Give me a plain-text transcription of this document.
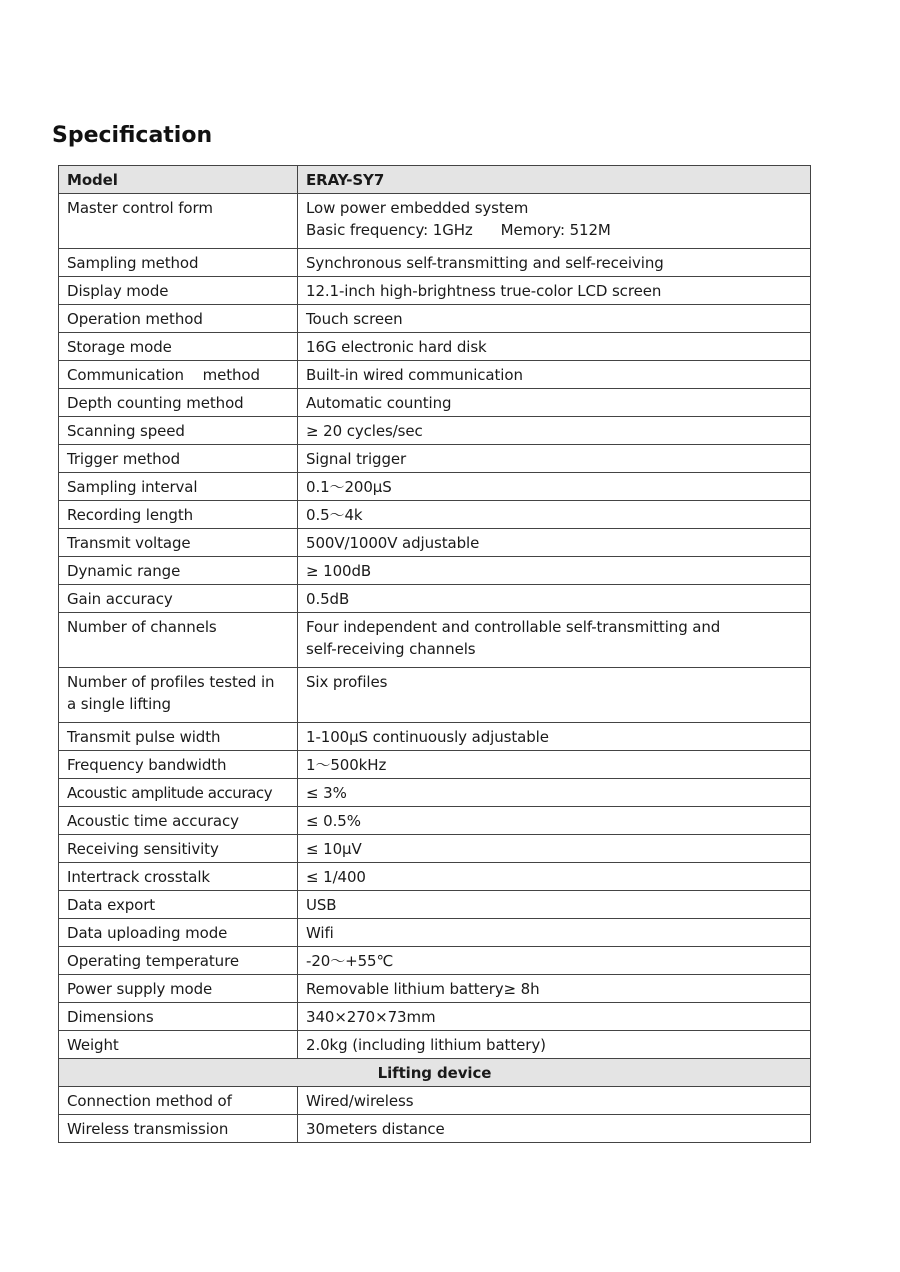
Specification
Model	ERAY-SY7
Master control form	Low power embedded system
Basic frequency: 1GHz Memory: 512M

Sampling method	Synchronous self-transmitting and self-receiving
Display mode	12.1-inch high-brightness true-color LCD screen
Operation method	Touch screen
Storage mode	16G electronic hard disk
Communication    method	Built-in wired communication
Depth counting method	Automatic counting
Scanning speed	≥ 20 cycles/sec
Trigger method	Signal trigger
Sampling interval	0.1～200μS
Recording length	0.5～4k
Transmit voltage	500V/1000V adjustable
Dynamic range	≥ 100dB
Gain accuracy	0.5dB
Number of channels	Four independent and controllable self-transmitting and
self-receiving channels

Number of profiles tested in
a single lifting	Six profiles
Transmit pulse width	1-100μS continuously adjustable
Frequency bandwidth	1～500kHz
Acoustic amplitude accuracy	≤ 3%
Acoustic time accuracy	≤ 0.5%
Receiving sensitivity	≤ 10μV
Intertrack crosstalk	≤ 1/400
Data export	USB
Data uploading mode	Wifi
Operating temperature	-20～+55℃
Power supply mode	Removable lithium battery≥ 8h
Dimensions	340×270×73mm
Weight	2.0kg (including lithium battery)
Lifting device	
Connection method of	Wired/wireless
Wireless transmission	30meters distance
